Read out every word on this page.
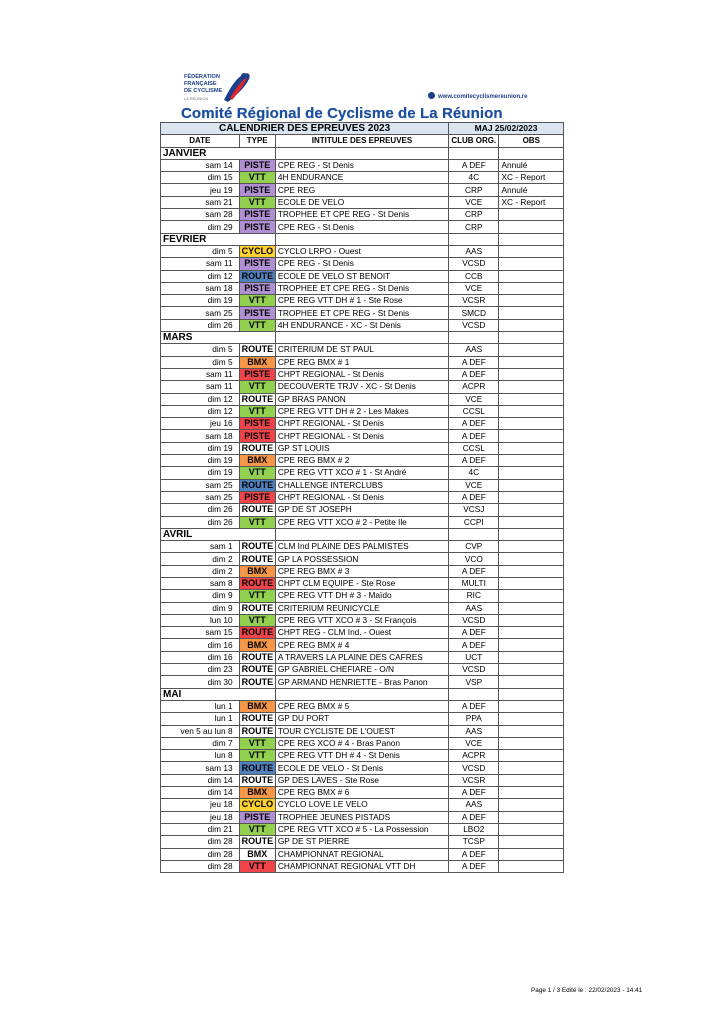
FÉDÉRATION
FRANÇAISE
DE CYCLISME
LA RÉUNION	www.comitecyclismereunion.re
Comité Régional de Cyclisme de La Réunion
CALENDRIER DES EPREUVES 2023			MAJ 25/02/2023	
DATE	TYPE	INTITULE DES EPREUVES	CLUB ORG.	OBS
JANVIER				
sam 14	PISTE	CPE REG - St Denis	A DEF	Annulé
dim 15	VTT	4H ENDURANCE	4C	XC - Report
jeu 19	PISTE	CPE REG	CRP	Annulé
sam 21	VTT	ECOLE DE VELO	VCE	XC - Report
sam 28	PISTE	TROPHEE ET CPE REG - St Denis	CRP	
dim 29	PISTE	CPE REG - St Denis	CRP	
FEVRIER				
dim 5	CYCLO	CYCLO LRPO - Ouest	AAS	
sam 11	PISTE	CPE REG - St Denis	VCSD	
dim 12	ROUTE	ECOLE DE VELO ST BENOIT	CCB	
sam 18	PISTE	TROPHEE ET CPE REG - St Denis	VCE	
dim 19	VTT	CPE REG VTT DH # 1 - Ste Rose	VCSR	
sam 25	PISTE	TROPHEE ET CPE REG - St Denis	SMCD	
dim 26	VTT	4H ENDURANCE - XC - St Denis	VCSD	
MARS				
dim 5	ROUTE	CRITERIUM DE ST PAUL	AAS	
dim 5	BMX	CPE REG BMX # 1	A DEF	
sam 11	PISTE	CHPT REGIONAL - St Denis	A DEF	
sam 11	VTT	DECOUVERTE TRJV - XC - St Denis	ACPR	
dim 12	ROUTE	GP BRAS PANON	VCE	
dim 12	VTT	CPE REG VTT DH # 2 - Les Makes	CCSL	
jeu 16	PISTE	CHPT REGIONAL - St Denis	A DEF	
sam 18	PISTE	CHPT REGIONAL - St Denis	A DEF	
dim 19	ROUTE	GP ST LOUIS	CCSL	
dim 19	BMX	CPE REG BMX # 2	A DEF	
dim 19	VTT	CPE REG VTT XCO # 1 - St André	4C	
sam 25	ROUTE	CHALLENGE INTERCLUBS	VCE	
sam 25	PISTE	CHPT REGIONAL - St Denis	A DEF	
dim 26	ROUTE	GP DE ST JOSEPH	VCSJ	
dim 26	VTT	CPE REG VTT XCO # 2 - Petite Ile	CCPI	
AVRIL				
sam 1	ROUTE	CLM Ind PLAINE DES PALMISTES	CVP	
dim 2	ROUTE	GP LA POSSESSION	VCO	
dim 2	BMX	CPE REG BMX # 3	A DEF	
sam 8	ROUTE	CHPT CLM EQUIPE - Ste Rose	MULTI	
dim 9	VTT	CPE REG VTT DH # 3 - Maïdo	RIC	
dim 9	ROUTE	CRITERIUM REUNICYCLE	AAS	
lun 10	VTT	CPE REG VTT XCO # 3 - St François	VCSD	
sam 15	ROUTE	CHPT REG - CLM Ind. - Ouest	A DEF	
dim 16	BMX	CPE REG BMX # 4	A DEF	
dim 16	ROUTE	A TRAVERS LA PLAINE DES CAFRES	UCT	
dim 23	ROUTE	GP GABRIEL CHEFIARE - O/N	VCSD	
dim 30	ROUTE	GP ARMAND HENRIETTE - Bras Panon	VSP	
MAI				
lun 1	BMX	CPE REG BMX # 5	A DEF	
lun 1	ROUTE	GP DU PORT	PPA	
ven 5 au lun 8	ROUTE	TOUR CYCLISTE DE L'OUEST	AAS	
dim 7	VTT	CPE REG XCO # 4 - Bras Panon	VCE	
lun 8	VTT	CPE REG VTT DH # 4 - St Denis	ACPR	
sam 13	ROUTE	ECOLE DE VELO - St Denis	VCSD	
dim 14	ROUTE	GP DES LAVES - Ste Rose	VCSR	
dim 14	BMX	CPE REG BMX # 6	A DEF	
jeu 18	CYCLO	CYCLO LOVE LE VELO	AAS	
jeu 18	PISTE	TROPHEE JEUNES PISTADS	A DEF	
dim 21	VTT	CPE REG VTT XCO # 5 - La Possession	LBO2	
dim 28	ROUTE	GP DE ST PIERRE	TCSP	
dim 28	BMX	CHAMPIONNAT REGIONAL	A DEF	
dim 28	VTT	CHAMPIONNAT REGIONAL VTT DH	A DEF	
Page 1 / 3 Edité le : 22/02/2023 - 14:41
